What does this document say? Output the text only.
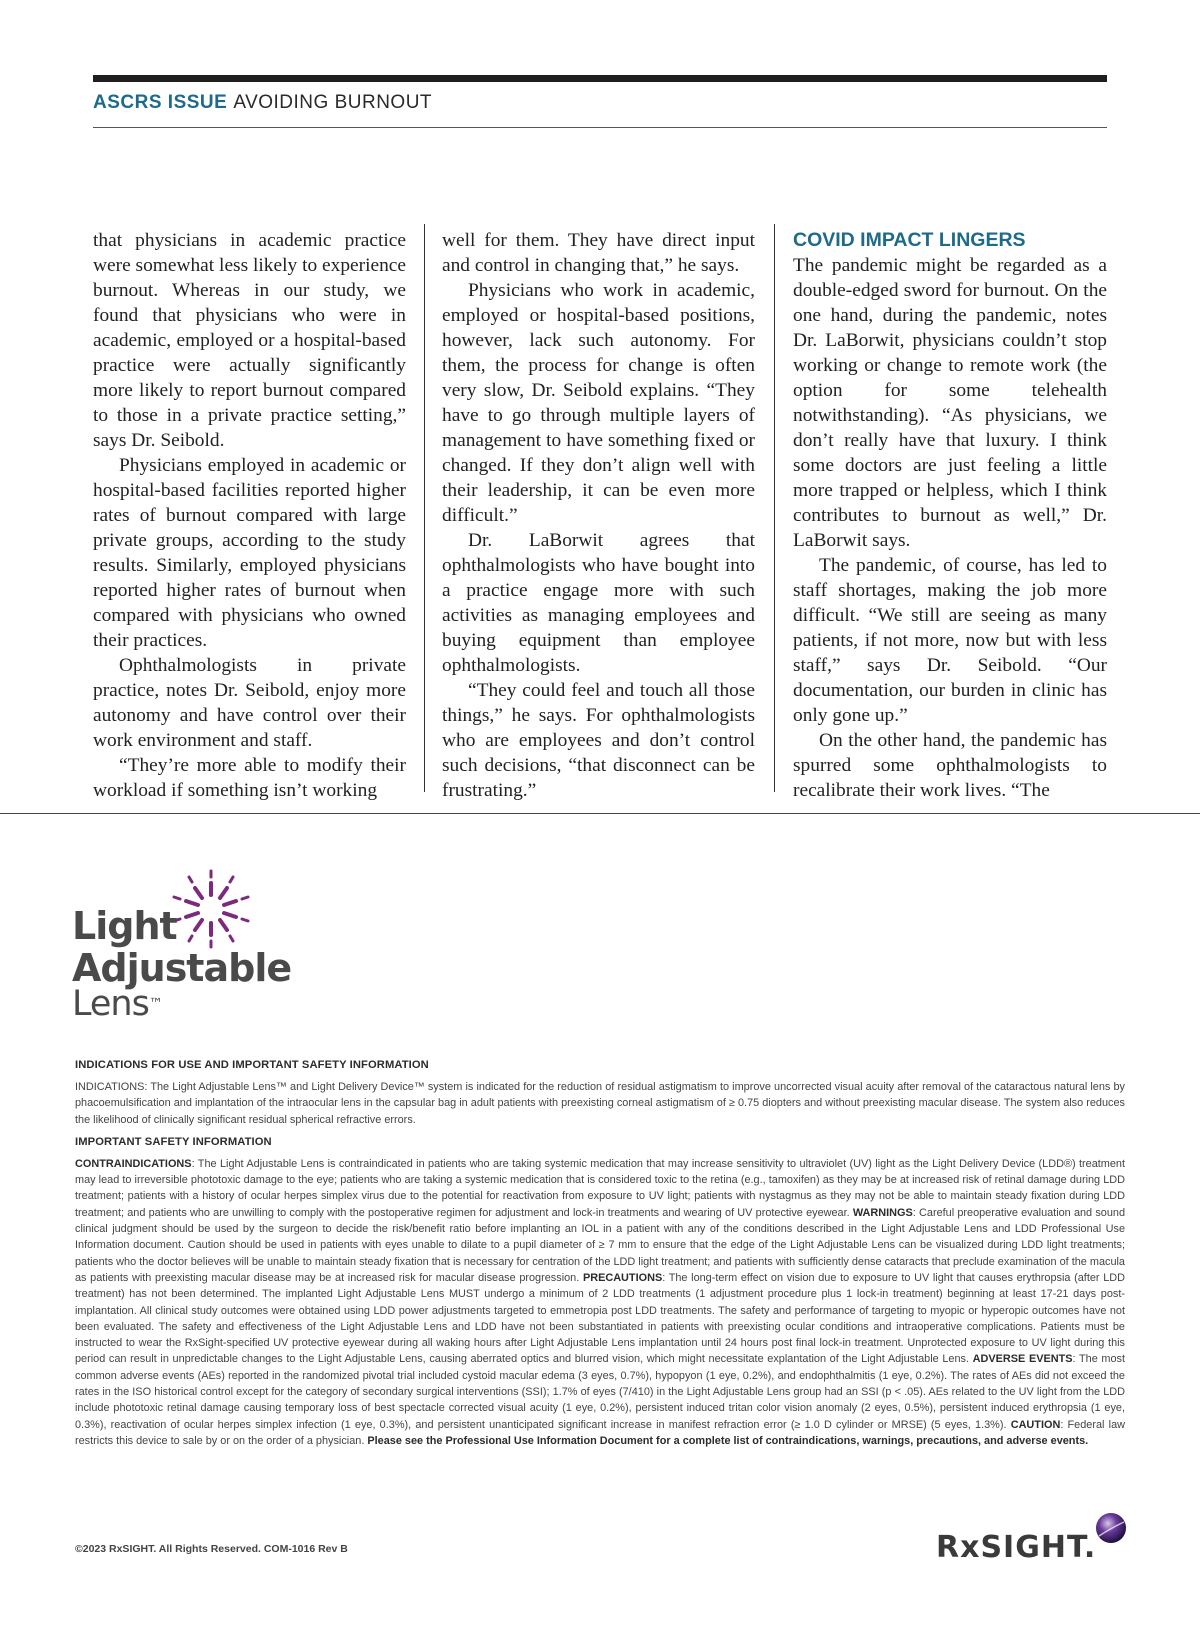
ASCRS ISSUE AVOIDING BURNOUT

that physicians in academic practice were somewhat less likely to experience burnout. Whereas in our study, we found that physicians who were in academic, employed or a hospital-based practice were actually significantly more likely to report burnout compared to those in a private practice setting,” says Dr. Seibold.

Physicians employed in academic or hospital-based facilities reported higher rates of burnout compared with large private groups, according to the study results. Similarly, employed physicians reported higher rates of burnout when compared with physicians who owned their practices.

Ophthalmologists in private practice, notes Dr. Seibold, enjoy more autonomy and have control over their work environment and staff.

“They’re more able to modify their workload if something isn’t working

well for them. They have direct input and control in changing that,” he says.

Physicians who work in academic, employed or hospital-based positions, however, lack such autonomy. For them, the process for change is often very slow, Dr. Seibold explains. “They have to go through multiple layers of management to have something fixed or changed. If they don’t align well with their leadership, it can be even more difficult.”

Dr. LaBorwit agrees that ophthalmologists who have bought into a practice engage more with such activities as managing employees and buying equipment than employee ophthalmologists.

“They could feel and touch all those things,” he says. For ophthalmologists who are employees and don’t control such decisions, “that disconnect can be frustrating.”

COVID IMPACT LINGERS

The pandemic might be regarded as a double-edged sword for burnout. On the one hand, during the pandemic, notes Dr. LaBorwit, physicians couldn’t stop working or change to remote work (the option for some telehealth notwithstanding). “As physicians, we don’t really have that luxury. I think some doctors are just feeling a little more trapped or helpless, which I think contributes to burnout as well,” Dr. LaBorwit says.

The pandemic, of course, has led to staff shortages, making the job more difficult. “We still are seeing as many patients, if not more, now but with less staff,” says Dr. Seibold. “Our documentation, our burden in clinic has only gone up.”

On the other hand, the pandemic has spurred some ophthalmologists to recalibrate their work lives. “The

Light
Adjustable
Lens™
INDICATIONS FOR USE AND IMPORTANT SAFETY INFORMATION

INDICATIONS: The Light Adjustable Lens™ and Light Delivery Device™ system is indicated for the reduction of residual astigmatism to improve uncorrected visual acuity after removal of the cataractous natural lens by phacoemulsification and implantation of the intraocular lens in the capsular bag in adult patients with preexisting corneal astigmatism of ≥ 0.75 diopters and without preexisting macular disease. The system also reduces the likelihood of clinically significant residual spherical refractive errors.

IMPORTANT SAFETY INFORMATION

CONTRAINDICATIONS: The Light Adjustable Lens is contraindicated in patients who are taking systemic medication that may increase sensitivity to ultraviolet (UV) light as the Light Delivery Device (LDD®) treatment may lead to irreversible phototoxic damage to the eye; patients who are taking a systemic medication that is considered toxic to the retina (e.g., tamoxifen) as they may be at increased risk of retinal damage during LDD treatment; patients with a history of ocular herpes simplex virus due to the potential for reactivation from exposure to UV light; patients with nystagmus as they may not be able to maintain steady fixation during LDD treatment; and patients who are unwilling to comply with the postoperative regimen for adjustment and lock-in treatments and wearing of UV protective eyewear. WARNINGS: Careful preoperative evaluation and sound clinical judgment should be used by the surgeon to decide the risk/benefit ratio before implanting an IOL in a patient with any of the conditions described in the Light Adjustable Lens and LDD Professional Use Information document. Caution should be used in patients with eyes unable to dilate to a pupil diameter of ≥ 7 mm to ensure that the edge of the Light Adjustable Lens can be visualized during LDD light treatments; patients who the doctor believes will be unable to maintain steady fixation that is necessary for centration of the LDD light treatment; and patients with sufficiently dense cataracts that preclude examination of the macula as patients with preexisting macular disease may be at increased risk for macular disease progression. PRECAUTIONS: The long-term effect on vision due to exposure to UV light that causes erythropsia (after LDD treatment) has not been determined. The implanted Light Adjustable Lens MUST undergo a minimum of 2 LDD treatments (1 adjustment procedure plus 1 lock-in treatment) beginning at least 17-21 days post-implantation. All clinical study outcomes were obtained using LDD power adjustments targeted to emmetropia post LDD treatments. The safety and performance of targeting to myopic or hyperopic outcomes have not been evaluated. The safety and effectiveness of the Light Adjustable Lens and LDD have not been substantiated in patients with preexisting ocular conditions and intraoperative complications. Patients must be instructed to wear the RxSight-specified UV protective eyewear during all waking hours after Light Adjustable Lens implantation until 24 hours post final lock-in treatment. Unprotected exposure to UV light during this period can result in unpredictable changes to the Light Adjustable Lens, causing aberrated optics and blurred vision, which might necessitate explantation of the Light Adjustable Lens. ADVERSE EVENTS: The most common adverse events (AEs) reported in the randomized pivotal trial included cystoid macular edema (3 eyes, 0.7%), hypopyon (1 eye, 0.2%), and endophthalmitis (1 eye, 0.2%). The rates of AEs did not exceed the rates in the ISO historical control except for the category of secondary surgical interventions (SSI); 1.7% of eyes (7/410) in the Light Adjustable Lens group had an SSI (p < .05). AEs related to the UV light from the LDD include phototoxic retinal damage causing temporary loss of best spectacle corrected visual acuity (1 eye, 0.2%), persistent induced tritan color vision anomaly (2 eyes, 0.5%), persistent induced erythropsia (1 eye, 0.3%), reactivation of ocular herpes simplex infection (1 eye, 0.3%), and persistent unanticipated significant increase in manifest refraction error (≥ 1.0 D cylinder or MRSE) (5 eyes, 1.3%). CAUTION: Federal law restricts this device to sale by or on the order of a physician. Please see the Professional Use Information Document for a complete list of contraindications, warnings, precautions, and adverse events.

©2023 RxSIGHT. All Rights Reserved. COM-1016 Rev B	RxSIGHT.
